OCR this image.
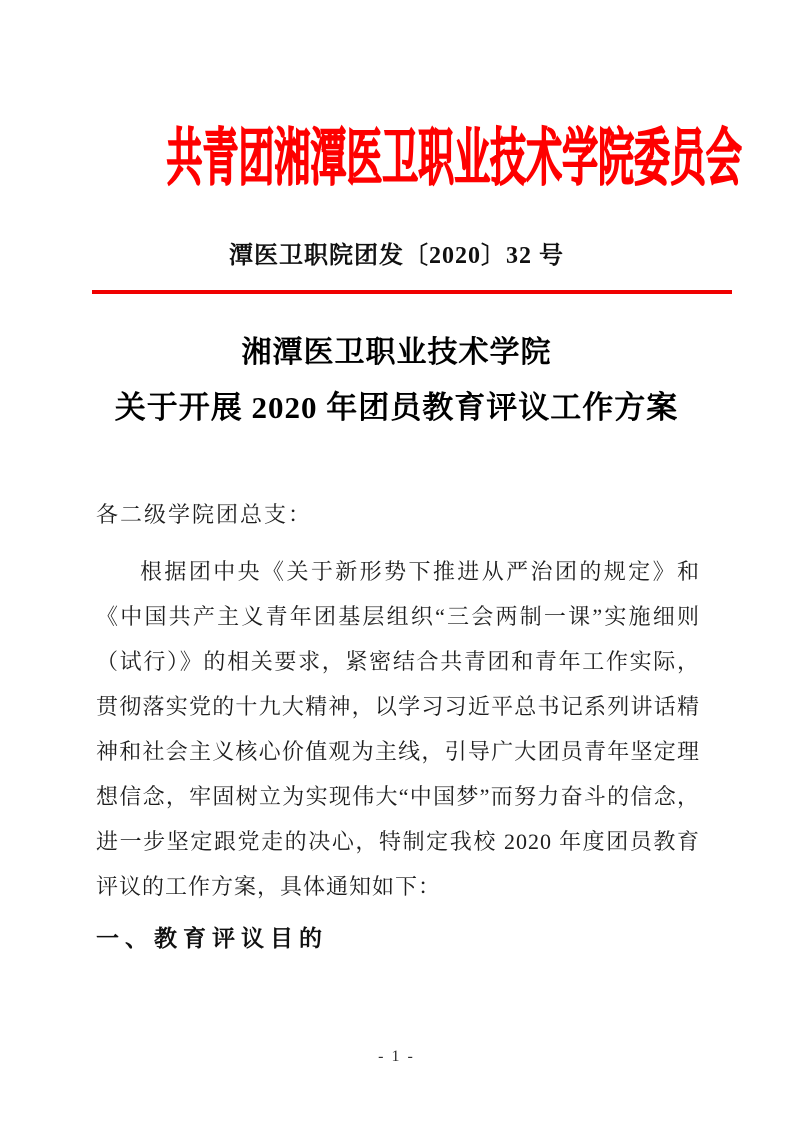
共青团湘潭医卫职业技术学院委员会
潭医卫职院团发〔2020〕32 号
湘潭医卫职业技术学院
关于开展 2020 年团员教育评议工作方案
各二级学院团总支：

根据团中央《关于新形势下推进从严治团的规定》和《中国共产主义青年团基层组织“三会两制一课”实施细则（试行）》的相关要求，紧密结合共青团和青年工作实际，贯彻落实党的十九大精神，以学习习近平总书记系列讲话精神和社会主义核心价值观为主线，引导广大团员青年坚定理想信念，牢固树立为实现伟大“中国梦”而努力奋斗的信念，进一步坚定跟党走的决心，特制定我校 2020 年度团员教育评议的工作方案，具体通知如下：

一、教育评议目的
- 1 -
